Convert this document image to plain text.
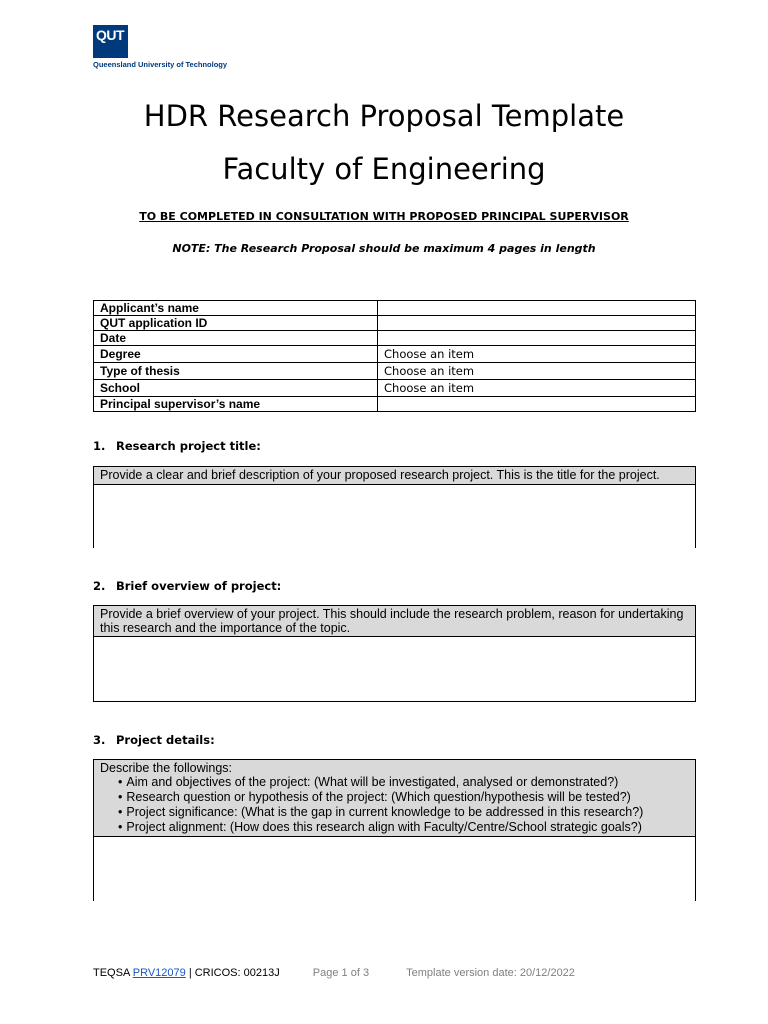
QUT
Queensland University of Technology
HDR Research Proposal Template
Faculty of Engineering
TO BE COMPLETED IN CONSULTATION WITH PROPOSED PRINCIPAL SUPERVISOR
NOTE: The Research Proposal should be maximum 4 pages in length
Applicant’s name	
QUT application ID	
Date	
Degree	Choose an item
Type of thesis	Choose an item
School	Choose an item
Principal supervisor’s name	
1. Research project title:
Provide a clear and brief description of your proposed research project. This is the title for the project.
2. Brief overview of project:
Provide a brief overview of your project. This should include the research problem, reason for undertaking this research and the importance of the topic.
3. Project details:
Describe the followings:
• Aim and objectives of the project: (What will be investigated, analysed or demonstrated?)
• Research question or hypothesis of the project: (Which question/hypothesis will be tested?)
• Project significance: (What is the gap in current knowledge to be addressed in this research?)
• Project alignment: (How does this research align with Faculty/Centre/School strategic goals?)
TEQSA PRV12079 | CRICOS: 00213J	Page 1 of 3	Template version date: 20/12/2022
